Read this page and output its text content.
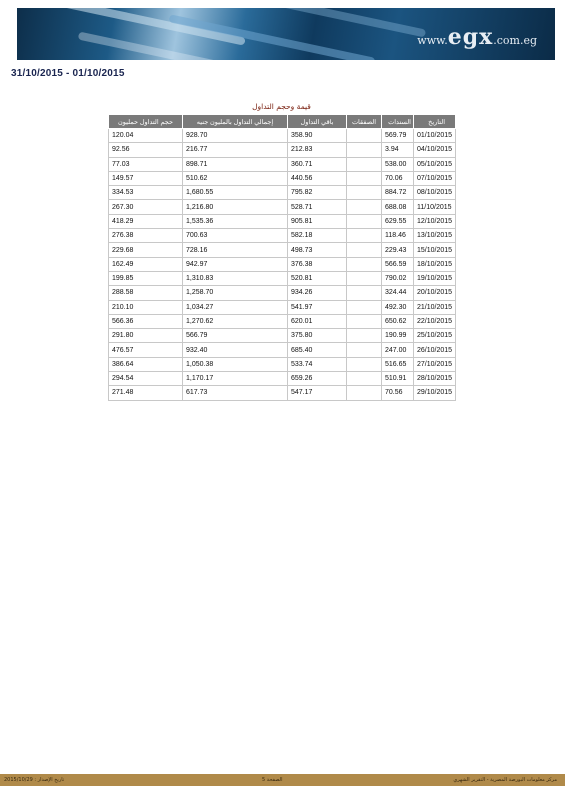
www.egx.com.eg
31/10/2015 - 01/10/2015
قيمة وحجم التداول
التاريخ	السندات	الصفقات	باقي التداول	إجمالي التداول بالمليون جنيه	حجم التداول حمليون
01/10/2015	569.79		358.90	928.70	120.04
04/10/2015	3.94		212.83	216.77	92.56
05/10/2015	538.00		360.71	898.71	77.03
07/10/2015	70.06		440.56	510.62	149.57
08/10/2015	884.72		795.82	1,680.55	334.53
11/10/2015	688.08		528.71	1,216.80	267.30
12/10/2015	629.55		905.81	1,535.36	418.29
13/10/2015	118.46		582.18	700.63	276.38
15/10/2015	229.43		498.73	728.16	229.68
18/10/2015	566.59		376.38	942.97	162.49
19/10/2015	790.02		520.81	1,310.83	199.85
20/10/2015	324.44		934.26	1,258.70	288.58
21/10/2015	492.30		541.97	1,034.27	210.10
22/10/2015	650.62		620.01	1,270.62	566.36
25/10/2015	190.99		375.80	566.79	291.80
26/10/2015	247.00		685.40	932.40	476.57
27/10/2015	516.65		533.74	1,050.38	386.64
28/10/2015	510.91		659.26	1,170.17	294.54
29/10/2015	70.56		547.17	617.73	271.48
تاريخ الإصدار : 2015/10/29	الصفحة 5	مركز معلومات البورصة المصرية - التقرير الشهري
